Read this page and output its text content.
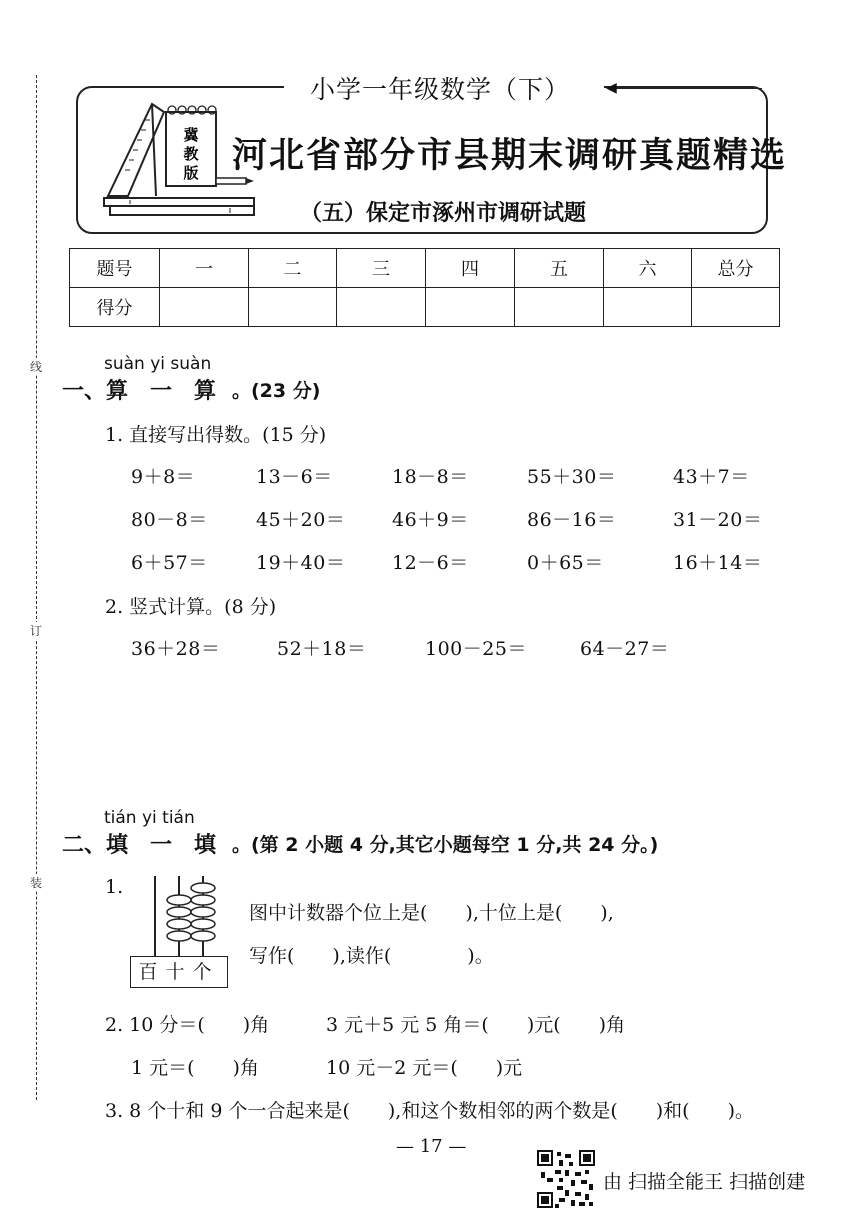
线
订
装
小学一年级数学（下）	◀
冀
教
版 河北省部分市县期末调研真题精选
（五）保定市涿州市调研试题
题号	一	二	三	四	五	六	总分
得分							
suàn yi suàn
一、算　一　算 。(23 分)
1. 直接写出得数。(15 分)
9＋8＝	13－6＝	18－8＝	55＋30＝	43＋7＝
80－8＝	45＋20＝ 46＋9＝	86－16＝	31－20＝
6＋57＝	19＋40＝ 12－6＝	0＋65＝	16＋14＝
2. 竖式计算。(8 分)
36＋28＝	52＋18＝	100－25＝	64－27＝
tián yi tián
二、填　一　填 。(第 2 小题 4 分,其它小题每空 1 分,共 24 分。)
1.
百十个
图中计数器个位上是(　　),十位上是(　　),
写作(　　),读作(　　　　)。
2. 10 分＝(　　)角	3 元＋5 元 5 角＝(　　)元(　　)角
1 元＝(　　)角	10 元－2 元＝(　　)元
3. 8 个十和 9 个一合起来是(　　),和这个数相邻的两个数是(　　)和(　　)。
— 17 —
由 扫描全能王 扫描创建
